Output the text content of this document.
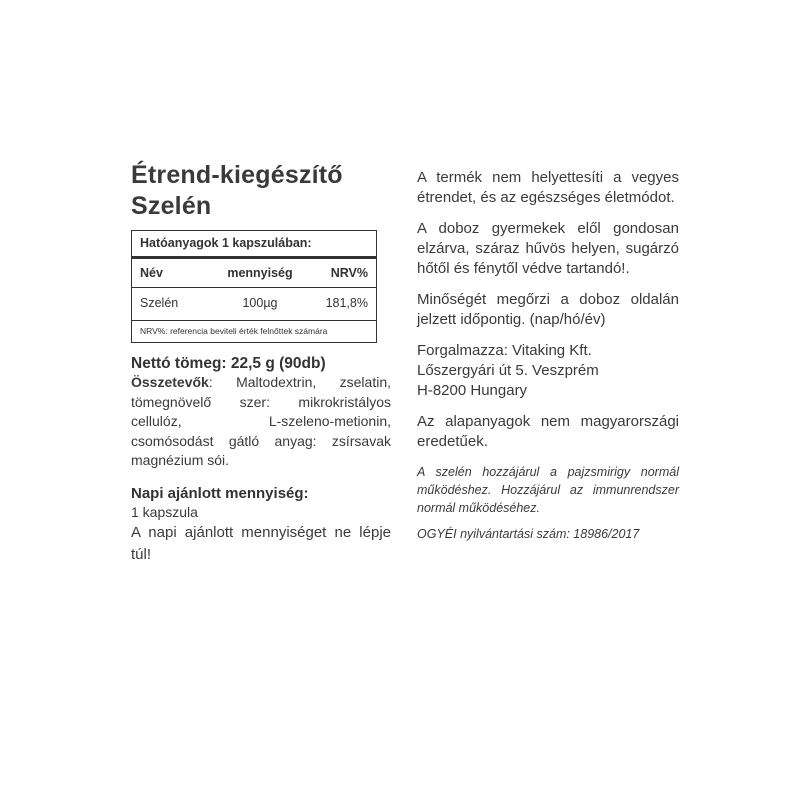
Étrend-kiegészítő
Szelén
Hatóanyagok 1 kapszulában:
Név	mennyiség	NRV%
Szelén	100µg	181,8%
NRV%: referencia beviteli érték felnőttek számára
Nettó tömeg: 22,5 g (90db)

Összetevők: Maltodextrin, zselatin, tömegnövelő szer: mikrokristályos cellulóz, L-szeleno-metionin, csomósodást gátló anyag: zsírsavak magnézium sói.

Napi ajánlott mennyiség:
1 kapszula

A napi ajánlott mennyiséget ne lépje túl!

A termék nem helyettesíti a vegyes étrendet, és az egészséges életmódot.

A doboz gyermekek elől gondosan elzárva, száraz hűvös helyen, sugárzó hőtől és fénytől védve tartandó!.

Minőségét megőrzi a doboz oldalán jelzett időpontig. (nap/hó/év)

Forgalmazza: Vitaking Kft.
Lőszergyári út 5. Veszprém
H-8200 Hungary

Az alapanyagok nem magyarországi eredetűek.

A szelén hozzájárul a pajzsmirigy normál működéshez. Hozzájárul az immunrendszer normál működéséhez.

OGYÉI nyilvántartási szám: 18986/2017
